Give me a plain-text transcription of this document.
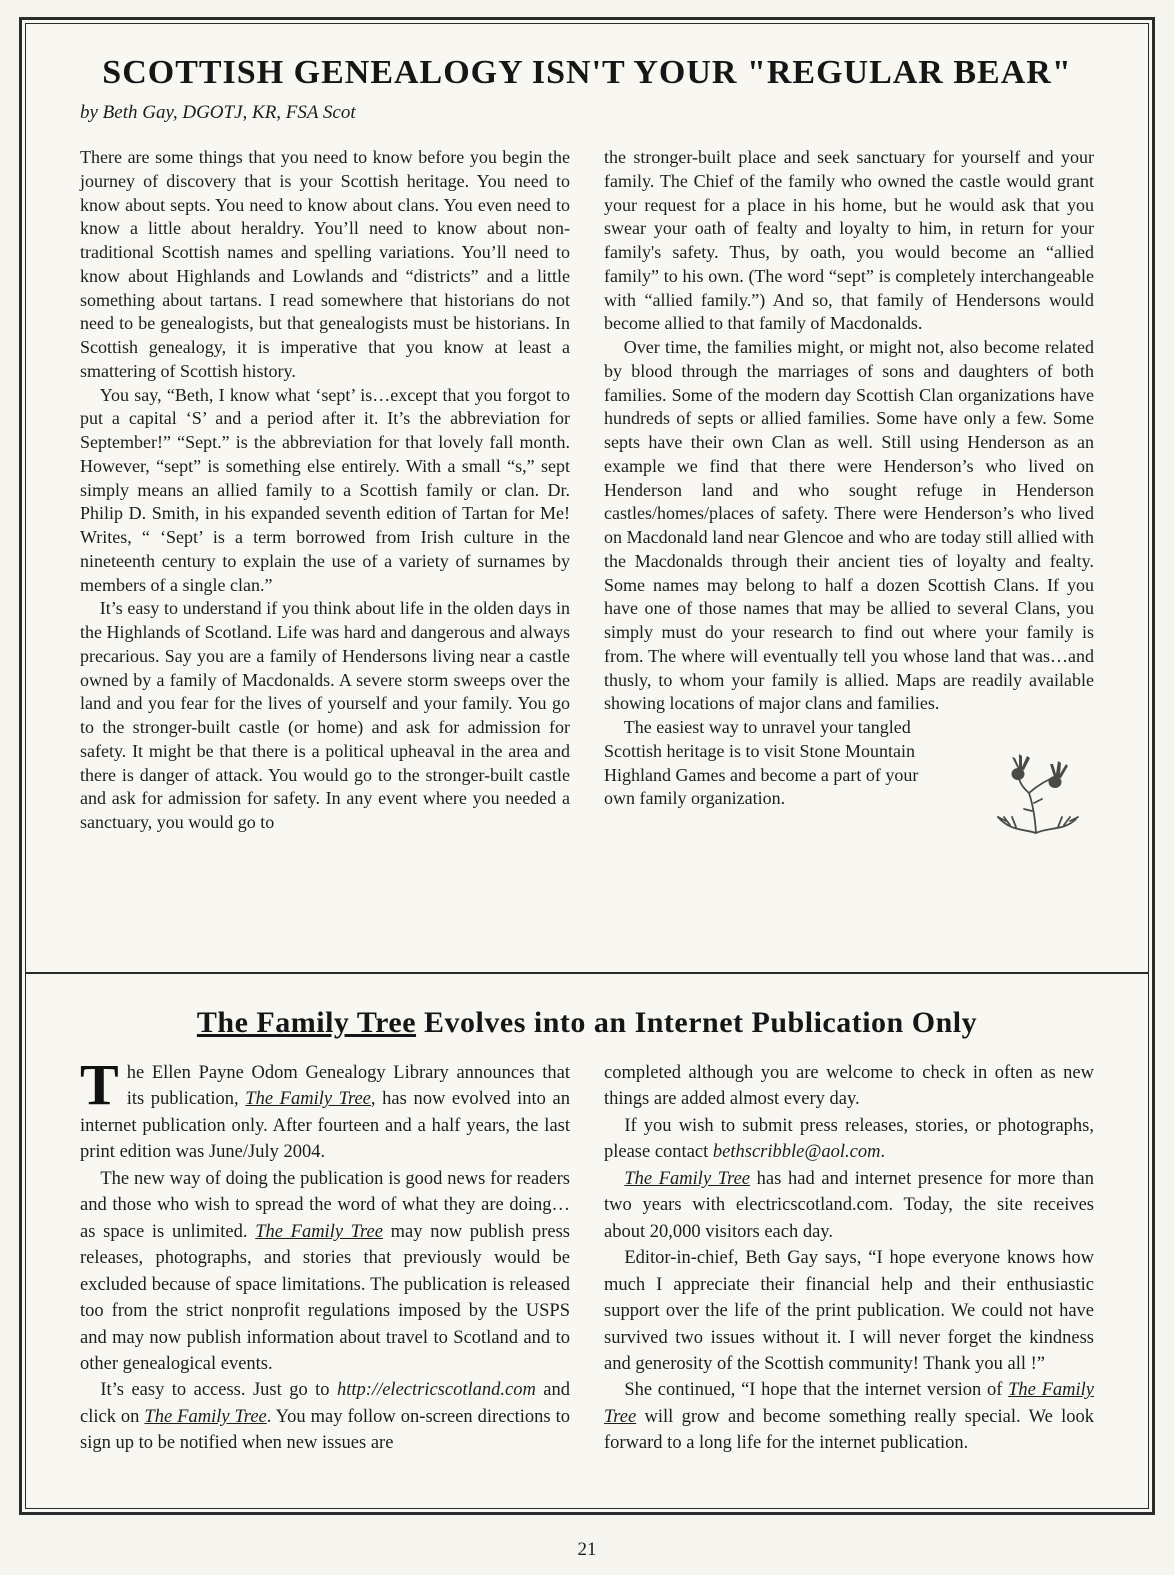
SCOTTISH GENEALOGY ISN'T YOUR "REGULAR BEAR"
by Beth Gay, DGOTJ, KR, FSA Scot

There are some things that you need to know before you begin the journey of discovery that is your Scottish heritage. You need to know about septs. You need to know about clans. You even need to know a little about heraldry. You’ll need to know about non-traditional Scottish names and spelling variations. You’ll need to know about Highlands and Lowlands and “districts” and a little something about tartans. I read somewhere that historians do not need to be genealogists, but that genealogists must be historians. In Scottish genealogy, it is imperative that you know at least a smattering of Scottish history.

You say, “Beth, I know what ‘sept’ is…except that you forgot to put a capital ‘S’ and a period after it. It’s the abbreviation for September!” “Sept.” is the abbreviation for that lovely fall month. However, “sept” is something else entirely. With a small “s,” sept simply means an allied family to a Scottish family or clan. Dr. Philip D. Smith, in his expanded seventh edition of Tartan for Me! Writes, “ ‘Sept’ is a term borrowed from Irish culture in the nineteenth century to explain the use of a variety of surnames by members of a single clan.”

It’s easy to understand if you think about life in the olden days in the Highlands of Scotland. Life was hard and dangerous and always precarious. Say you are a family of Hendersons living near a castle owned by a family of Macdonalds. A severe storm sweeps over the land and you fear for the lives of yourself and your family. You go to the stronger-built castle (or home) and ask for admission for safety. It might be that there is a political upheaval in the area and there is danger of attack. You would go to the stronger-built castle and ask for admission for safety. In any event where you needed a sanctuary, you would go to

the stronger-built place and seek sanctuary for yourself and your family. The Chief of the family who owned the castle would grant your request for a place in his home, but he would ask that you swear your oath of fealty and loyalty to him, in return for your family's safety. Thus, by oath, you would become an “allied family” to his own. (The word “sept” is completely interchangeable with “allied family.”) And so, that family of Hendersons would become allied to that family of Macdonalds.

Over time, the families might, or might not, also become related by blood through the marriages of sons and daughters of both families. Some of the modern day Scottish Clan organizations have hundreds of septs or allied families. Some have only a few. Some septs have their own Clan as well. Still using Henderson as an example we find that there were Henderson’s who lived on Henderson land and who sought refuge in Henderson castles/homes/places of safety. There were Henderson’s who lived on Macdonald land near Glencoe and who are today still allied with the Macdonalds through their ancient ties of loyalty and fealty. Some names may belong to half a dozen Scottish Clans. If you have one of those names that may be allied to several Clans, you simply must do your research to find out where your family is from. The where will eventually tell you whose land that was…and thusly, to whom your family is allied. Maps are readily available showing locations of major clans and families.

The easiest way to unravel your tangled Scottish heritage is to visit Stone Mountain Highland Games and become a part of your own family organization.

The Family Tree Evolves into an Internet Publication Only

The Ellen Payne Odom Genealogy Library announces that its publication, The Family Tree, has now evolved into an internet publication only. After fourteen and a half years, the last print edition was June/July 2004.

The new way of doing the publication is good news for readers and those who wish to spread the word of what they are doing…as space is unlimited. The Family Tree may now publish press releases, photographs, and stories that previously would be excluded because of space limitations. The publication is released too from the strict nonprofit regulations imposed by the USPS and may now publish information about travel to Scotland and to other genealogical events.

It’s easy to access. Just go to http://electricscotland.com and click on The Family Tree. You may follow on-screen directions to sign up to be notified when new issues are

completed although you are welcome to check in often as new things are added almost every day.

If you wish to submit press releases, stories, or photographs, please contact bethscribble@aol.com.

The Family Tree has had and internet presence for more than two years with electricscotland.com. Today, the site receives about 20,000 visitors each day.

Editor-in-chief, Beth Gay says, “I hope everyone knows how much I appreciate their financial help and their enthusiastic support over the life of the print publication. We could not have survived two issues without it. I will never forget the kindness and generosity of the Scottish community! Thank you all !”

She continued, “I hope that the internet version of The Family Tree will grow and become something really special. We look forward to a long life for the internet publication.

21
